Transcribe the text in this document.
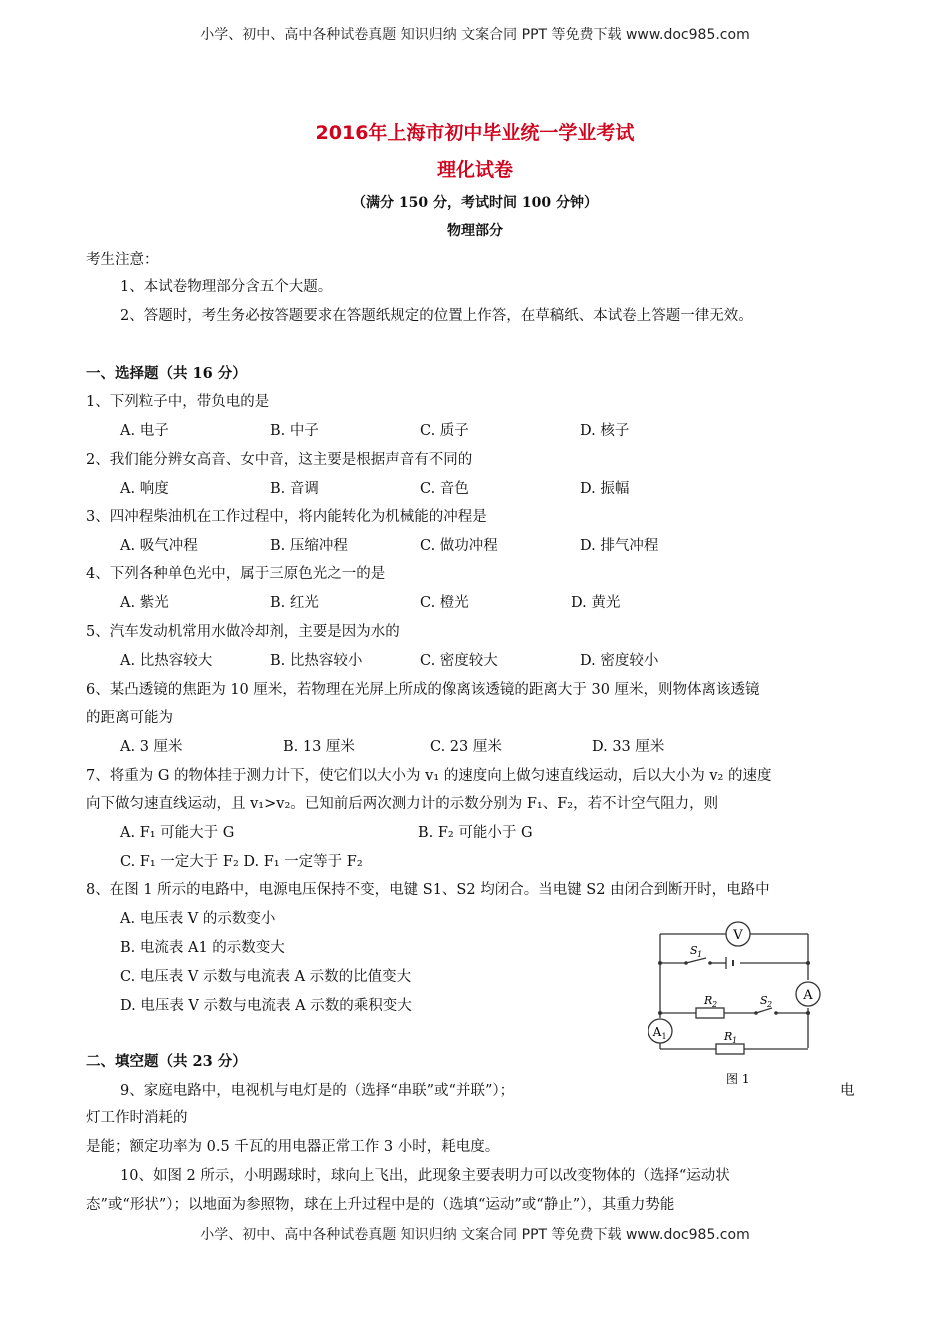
小学、初中、高中各种试卷真题 知识归纳 文案合同 PPT 等免费下载 www.doc985.com
2016年上海市初中毕业统一学业考试
理化试卷
（满分 150 分，考试时间 100 分钟）
物理部分
考生注意：
1、本试卷物理部分含五个大题。
2、答题时，考生务必按答题要求在答题纸规定的位置上作答，在草稿纸、本试卷上答题一律无效。
一、选择题（共 16 分）
1、下列粒子中，带负电的是
A. 电子	B. 中子	C. 质子	D. 核子
2、我们能分辨女高音、女中音，这主要是根据声音有不同的
A. 响度	B. 音调	C. 音色	D. 振幅
3、四冲程柴油机在工作过程中，将内能转化为机械能的冲程是
A. 吸气冲程	B. 压缩冲程	C. 做功冲程	D. 排气冲程
4、下列各种单色光中，属于三原色光之一的是
A. 紫光	B. 红光	C. 橙光	D. 黄光
5、汽车发动机常用水做冷却剂，主要是因为水的
A. 比热容较大	B. 比热容较小	C. 密度较大	D. 密度较小
6、某凸透镜的焦距为 10 厘米，若物理在光屏上所成的像离该透镜的距离大于 30 厘米，则物体离该透镜
的距离可能为
A. 3 厘米	B. 13 厘米	C. 23 厘米	D. 33 厘米
7、将重为 G 的物体挂于测力计下，使它们以大小为 v₁ 的速度向上做匀速直线运动，后以大小为 v₂ 的速度
向下做匀速直线运动，且 v₁>v₂。已知前后两次测力计的示数分别为 F₁、F₂，若不计空气阻力，则
A. F₁ 可能大于 G	B. F₂ 可能小于 G
C. F₁ 一定大于 F₂ D. F₁ 一定等于 F₂
8、在图 1 所示的电路中，电源电压保持不变，电键 S1、S2 均闭合。当电键 S2 由闭合到断开时，电路中
A. 电压表 V 的示数变小
B. 电流表 A1 的示数变大
C. 电压表 V 示数与电流表 A 示数的比值变大
D. 电压表 V 示数与电流表 A 示数的乘积变大
V
A
A 1
S 1
S 2
R 2
R 1
图 1
二、填空题（共 23 分）
9、家庭电路中，电视机与电灯是的（选择“串联”或“并联”）；	电
灯工作时消耗的
是能；额定功率为 0.5 千瓦的用电器正常工作 3 小时，耗电度。
10、如图 2 所示，小明踢球时，球向上飞出，此现象主要表明力可以改变物体的（选择“运动状
态”或“形状”）；以地面为参照物，球在上升过程中是的（选填“运动”或“静止”），其重力势能
小学、初中、高中各种试卷真题 知识归纳 文案合同 PPT 等免费下载 www.doc985.com
